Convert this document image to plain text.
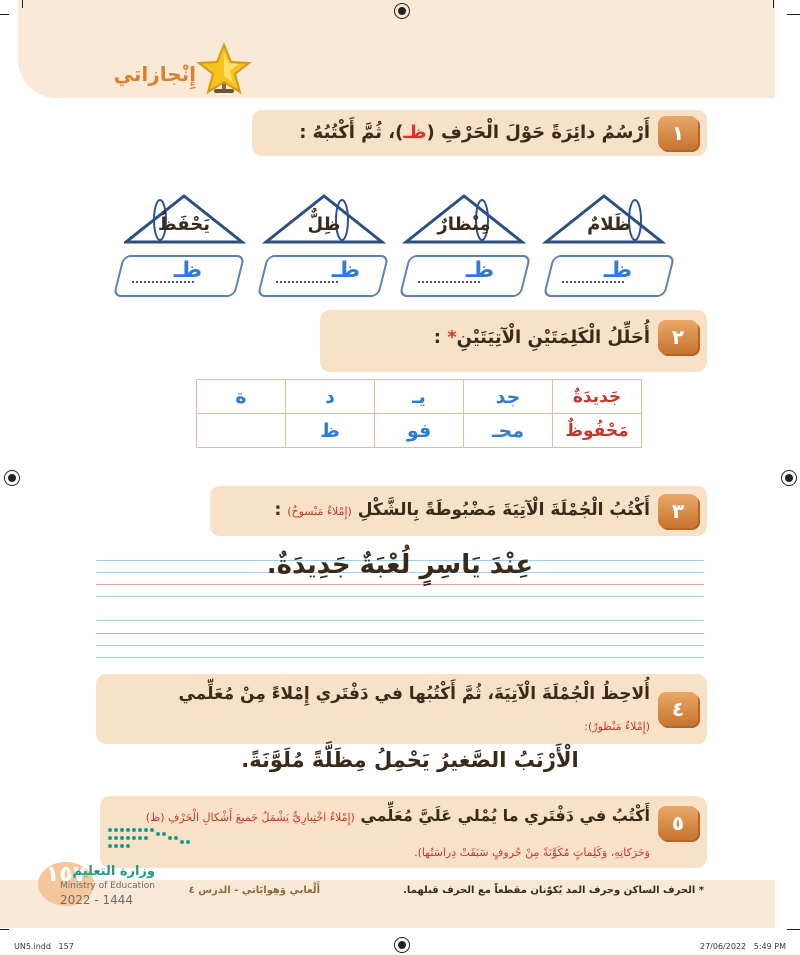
إِنْجازاتي
١
أَرْسُمُ دائِرَةً حَوْلَ الْحَرْفِ (ظـ)، ثُمَّ أَكْتُبُهُ :
ظَلامٌ
مِنْظارٌ
ظِلٌّ
يَحْفَظُ
ظـ
ظـ
ظـ
ظـ
٢
أُحَلِّلُ الْكَلِمَتَيْنِ الْآتِيَتَيْنِ* :
جَديدَةٌ	جد	يـ	د	ة
مَحْفُوظٌ	محـ	فو	ظ	
٣
أَكْتُبُ الْجُمْلَةَ الْآتِيَةَ مَضْبُوطَةً بِالشَّكْلِ (إِمْلاءٌ مَنْسوخٌ) :
عِنْدَ يَاسِرٍ لُعْبَةٌ جَدِيدَةٌ.
٤
أُلاحِظُ الْجُمْلَةَ الْآتِيَةَ، ثُمَّ أَكْتُبُها في دَفْتَري إِمْلاءً مِنْ مُعَلِّمي
(إِمْلاءٌ مَنْظورٌ):
الْأَرْنَبُ الصَّغيرُ يَحْمِلُ مِظَلَّةً مُلَوَّنَةً.
٥
أَكْتُبُ في دَفْتَري ما يُمْلي عَلَيَّ مُعَلِّمي (إِمْلاءٌ اخْتِبارِيٌّ يَشْمَلُ جَميعَ أَشْكالِ الْحَرْفِ (ظ)
وَحَرَكاتِهِ، وَكَلِماتٍ مُكَوَّنَةً مِنْ حُروفٍ سَبَقَتْ دِراسَتُها).
١٥٧
وزارة التعليم
Ministry of Education
2022 - 1444
أَلْعابي وَهِوايَاتي - الدرس ٤	* الحرف الساكن وحرف المد يُكوّنان مقطعاً مع الحرف قبلهما.
UN5.indd   157	27/06/2022   5:49 PM
